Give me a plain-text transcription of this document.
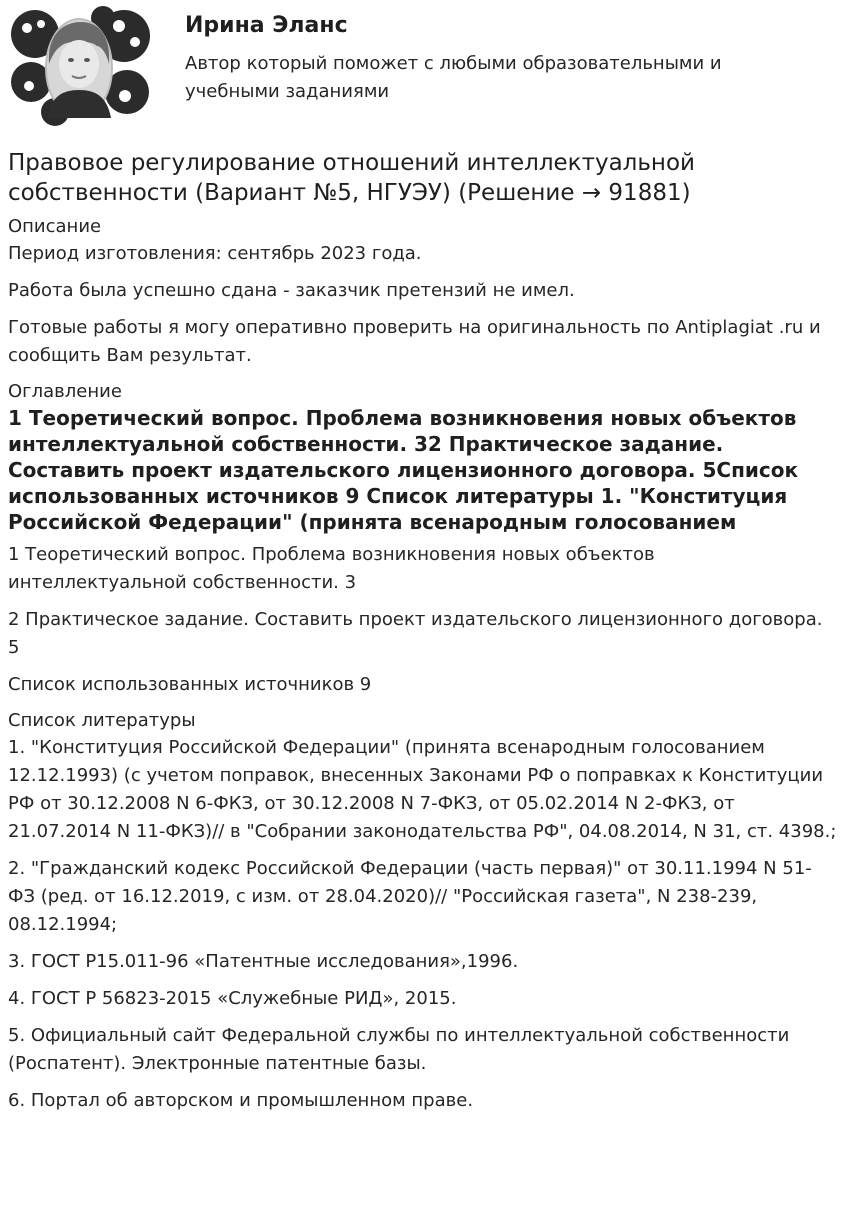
Ирина Эланс
Автор который поможет с любыми образовательными и учебными заданиями
Правовое регулирование отношений интеллектуальной собственности (Вариант №5, НГУЭУ) (Решение → 91881)
Описание
Период изготовления: сентябрь 2023 года.
Работа была успешно сдана - заказчик претензий не имел.
Готовые работы я могу оперативно проверить на оригинальность по Antiplagiat .ru и сообщить Вам результат.
Оглавление
1 Теоретический вопрос. Проблема возникновения новых объектов интеллектуальной собственности. 32 Практическое задание. Составить проект издательского лицензионного договора. 5Список использованных источников 9 Список литературы 1. "Конституция Российской Федерации" (принята всенародным голосованием
1 Теоретический вопрос. Проблема возникновения новых объектов интеллектуальной собственности. 3
2 Практическое задание. Составить проект издательского лицензионного договора. 5
Список использованных источников 9
Список литературы
1. "Конституция Российской Федерации" (принята всенародным голосованием 12.12.1993) (с учетом поправок, внесенных Законами РФ о поправках к Конституции РФ от 30.12.2008 N 6-ФКЗ, от 30.12.2008 N 7-ФКЗ, от 05.02.2014 N 2-ФКЗ, от 21.07.2014 N 11-ФКЗ)// в "Собрании законодательства РФ", 04.08.2014, N 31, ст. 4398.;
2. "Гражданский кодекс Российской Федерации (часть первая)" от 30.11.1994 N 51-ФЗ (ред. от 16.12.2019, с изм. от 28.04.2020)// "Российская газета", N 238-239, 08.12.1994;
3. ГОСТ Р15.011-96 «Патентные исследования»,1996.
4. ГОСТ Р 56823-2015 «Служебные РИД», 2015.
5. Официальный сайт Федеральной службы по интеллектуальной собственности (Роспатент). Электронные патентные базы.
6. Портал об авторском и промышленном праве.
